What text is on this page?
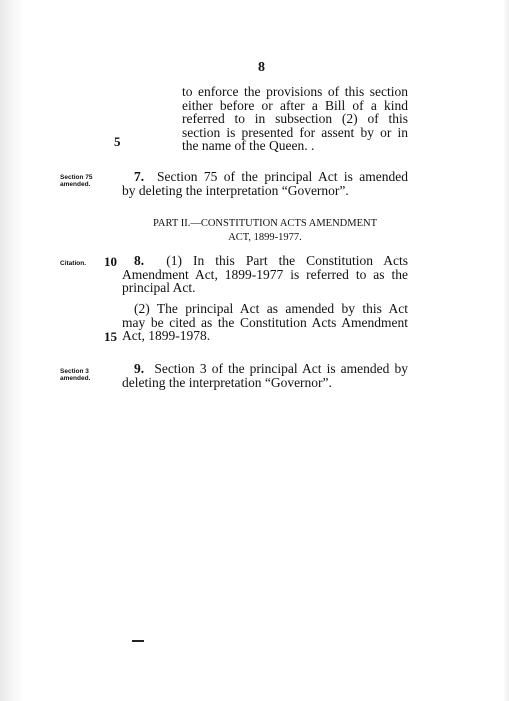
8
to enforce the provisions of this section
either before or after a Bill of a kind
referred to in subsection (2) of this
section is presented for assent by or in
the name of the Queen. .
5
Section 75
amended.
7. Section 75 of the principal Act is amended
by deleting the interpretation “Governor”.
PART II.—CONSTITUTION ACTS AMENDMENT
ACT, 1899-1977.
Citation. 10	8. (1) In this Part the Constitution Acts
Amendment Act, 1899-1977 is referred to as the
principal Act.
(2) The principal Act as amended by this Act
may be cited as the Constitution Acts Amendment
Act, 1899-1978.
15
Section 3
amended.
9. Section 3 of the principal Act is amended by
deleting the interpretation “Governor”.
